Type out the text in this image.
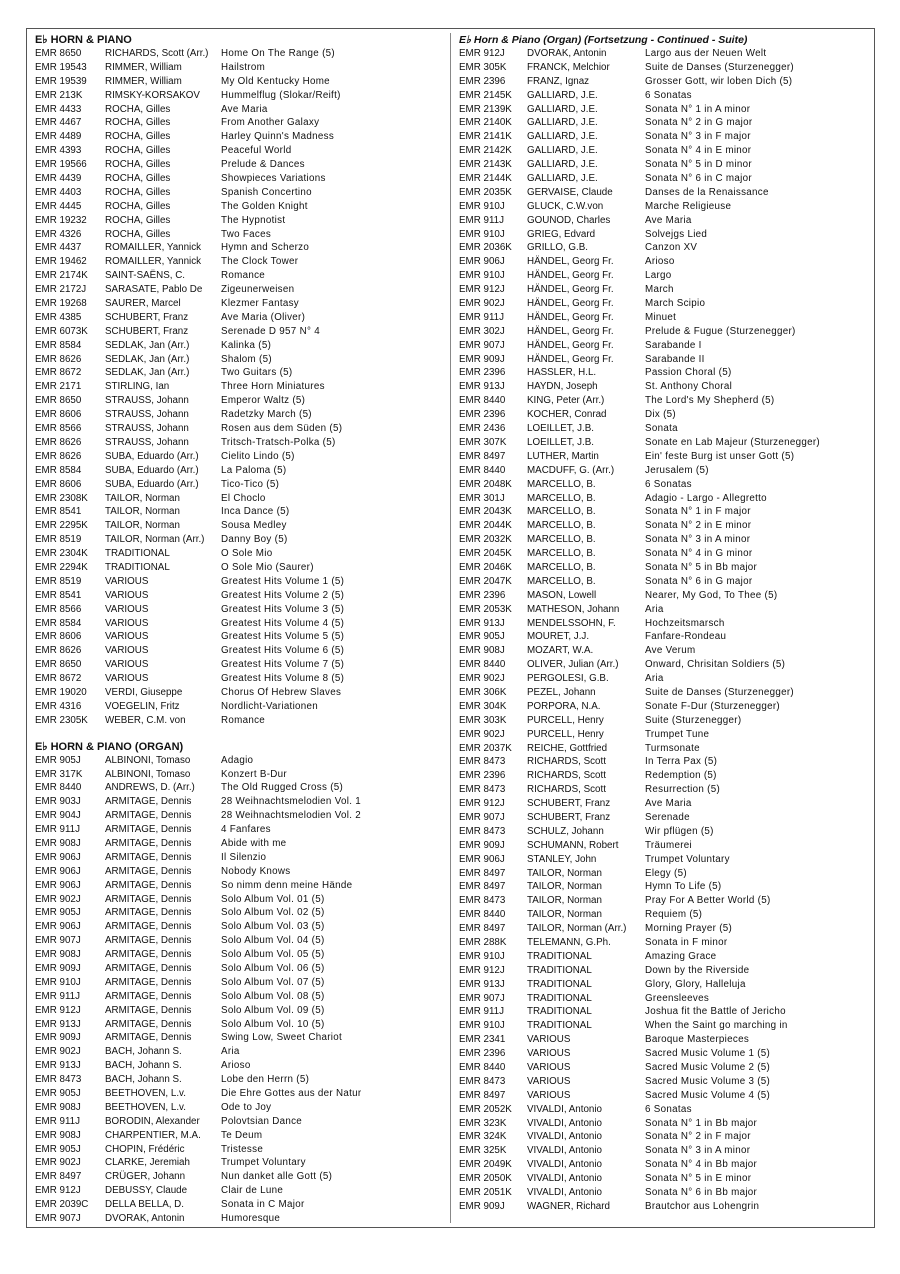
E♭ HORN & PIANO
EMR 8650	RICHARDS, Scott (Arr.)	Home On The Range (5)
EMR 19543	RIMMER, William	Hailstrom
EMR 19539	RIMMER, William	My Old Kentucky Home
EMR 213K	RIMSKY-KORSAKOV	Hummelflug (Slokar/Reift)
EMR 4433	ROCHA, Gilles	Ave Maria
EMR 4467	ROCHA, Gilles	From Another Galaxy
EMR 4489	ROCHA, Gilles	Harley Quinn's Madness
EMR 4393	ROCHA, Gilles	Peaceful World
EMR 19566	ROCHA, Gilles	Prelude & Dances
EMR 4439	ROCHA, Gilles	Showpieces Variations
EMR 4403	ROCHA, Gilles	Spanish Concertino
EMR 4445	ROCHA, Gilles	The Golden Knight
EMR 19232	ROCHA, Gilles	The Hypnotist
EMR 4326	ROCHA, Gilles	Two Faces
EMR 4437	ROMAILLER, Yannick	Hymn and Scherzo
EMR 19462	ROMAILLER, Yannick	The Clock Tower
EMR 2174K	SAINT-SAËNS, C.	Romance
EMR 2172J	SARASATE, Pablo De	Zigeunerweisen
EMR 19268	SAURER, Marcel	Klezmer Fantasy
EMR 4385	SCHUBERT, Franz	Ave Maria (Oliver)
EMR 6073K	SCHUBERT, Franz	Serenade D 957 N° 4
EMR 8584	SEDLAK, Jan (Arr.)	Kalinka (5)
EMR 8626	SEDLAK, Jan (Arr.)	Shalom (5)
EMR 8672	SEDLAK, Jan (Arr.)	Two Guitars (5)
EMR 2171	STIRLING, Ian	Three Horn Miniatures
EMR 8650	STRAUSS, Johann	Emperor Waltz (5)
EMR 8606	STRAUSS, Johann	Radetzky March (5)
EMR 8566	STRAUSS, Johann	Rosen aus dem Süden (5)
EMR 8626	STRAUSS, Johann	Tritsch-Tratsch-Polka (5)
EMR 8626	SUBA, Eduardo (Arr.)	Cielito Lindo (5)
EMR 8584	SUBA, Eduardo (Arr.)	La Paloma (5)
EMR 8606	SUBA, Eduardo (Arr.)	Tico-Tico (5)
EMR 2308K	TAILOR, Norman	El Choclo
EMR 8541	TAILOR, Norman	Inca Dance (5)
EMR 2295K	TAILOR, Norman	Sousa Medley
EMR 8519	TAILOR, Norman (Arr.)	Danny Boy (5)
EMR 2304K	TRADITIONAL	O Sole Mio
EMR 2294K	TRADITIONAL	O Sole Mio (Saurer)
EMR 8519	VARIOUS	Greatest Hits Volume 1 (5)
EMR 8541	VARIOUS	Greatest Hits Volume 2 (5)
EMR 8566	VARIOUS	Greatest Hits Volume 3 (5)
EMR 8584	VARIOUS	Greatest Hits Volume 4 (5)
EMR 8606	VARIOUS	Greatest Hits Volume 5 (5)
EMR 8626	VARIOUS	Greatest Hits Volume 6 (5)
EMR 8650	VARIOUS	Greatest Hits Volume 7 (5)
EMR 8672	VARIOUS	Greatest Hits Volume 8 (5)
EMR 19020	VERDI, Giuseppe	Chorus Of Hebrew Slaves
EMR 4316	VOEGELIN, Fritz	Nordlicht-Variationen
EMR 2305K	WEBER, C.M. von	Romance
E♭ HORN & PIANO (ORGAN)
EMR 905J	ALBINONI, Tomaso	Adagio
EMR 317K	ALBINONI, Tomaso	Konzert B-Dur
EMR 8440	ANDREWS, D. (Arr.)	The Old Rugged Cross (5)
EMR 903J	ARMITAGE, Dennis	28 Weihnachtsmelodien Vol. 1
EMR 904J	ARMITAGE, Dennis	28 Weihnachtsmelodien Vol. 2
EMR 911J	ARMITAGE, Dennis	4 Fanfares
EMR 908J	ARMITAGE, Dennis	Abide with me
EMR 906J	ARMITAGE, Dennis	Il Silenzio
EMR 906J	ARMITAGE, Dennis	Nobody Knows
EMR 906J	ARMITAGE, Dennis	So nimm denn meine Hände
EMR 902J	ARMITAGE, Dennis	Solo Album Vol. 01 (5)
EMR 905J	ARMITAGE, Dennis	Solo Album Vol. 02 (5)
EMR 906J	ARMITAGE, Dennis	Solo Album Vol. 03 (5)
EMR 907J	ARMITAGE, Dennis	Solo Album Vol. 04 (5)
EMR 908J	ARMITAGE, Dennis	Solo Album Vol. 05 (5)
EMR 909J	ARMITAGE, Dennis	Solo Album Vol. 06 (5)
EMR 910J	ARMITAGE, Dennis	Solo Album Vol. 07 (5)
EMR 911J	ARMITAGE, Dennis	Solo Album Vol. 08 (5)
EMR 912J	ARMITAGE, Dennis	Solo Album Vol. 09 (5)
EMR 913J	ARMITAGE, Dennis	Solo Album Vol. 10 (5)
EMR 909J	ARMITAGE, Dennis	Swing Low, Sweet Chariot
EMR 902J	BACH, Johann S.	Aria
EMR 913J	BACH, Johann S.	Arioso
EMR 8473	BACH, Johann S.	Lobe den Herrn (5)
EMR 905J	BEETHOVEN, L.v.	Die Ehre Gottes aus der Natur
EMR 908J	BEETHOVEN, L.v.	Ode to Joy
EMR 911J	BORODIN, Alexander	Polovtsian Dance
EMR 908J	CHARPENTIER, M.A.	Te Deum
EMR 905J	CHOPIN, Frédéric	Tristesse
EMR 902J	CLARKE, Jeremiah	Trumpet Voluntary
EMR 8497	CRÜGER, Johann	Nun danket alle Gott (5)
EMR 912J	DEBUSSY, Claude	Clair de Lune
EMR 2039C	DELLA BELLA, D.	Sonata in C Major
EMR 907J	DVORAK, Antonin	Humoresque
E♭ Horn & Piano (Organ) (Fortsetzung - Continued - Suite)
EMR 912J	DVORAK, Antonin	Largo aus der Neuen Welt
EMR 305K	FRANCK, Melchior	Suite de Danses (Sturzenegger)
EMR 2396	FRANZ, Ignaz	Grosser Gott, wir loben Dich (5)
EMR 2145K	GALLIARD, J.E.	6 Sonatas
EMR 2139K	GALLIARD, J.E.	Sonata N° 1 in A minor
EMR 2140K	GALLIARD, J.E.	Sonata N° 2 in G major
EMR 2141K	GALLIARD, J.E.	Sonata N° 3 in F major
EMR 2142K	GALLIARD, J.E.	Sonata N° 4 in E minor
EMR 2143K	GALLIARD, J.E.	Sonata N° 5 in D minor
EMR 2144K	GALLIARD, J.E.	Sonata N° 6 in C major
EMR 2035K	GERVAISE, Claude	Danses de la Renaissance
EMR 910J	GLUCK, C.W.von	Marche Religieuse
EMR 911J	GOUNOD, Charles	Ave Maria
EMR 910J	GRIEG, Edvard	Solvejgs Lied
EMR 2036K	GRILLO, G.B.	Canzon XV
EMR 906J	HÄNDEL, Georg Fr.	Arioso
EMR 910J	HÄNDEL, Georg Fr.	Largo
EMR 912J	HÄNDEL, Georg Fr.	March
EMR 902J	HÄNDEL, Georg Fr.	March Scipio
EMR 911J	HÄNDEL, Georg Fr.	Minuet
EMR 302J	HÄNDEL, Georg Fr.	Prelude & Fugue (Sturzenegger)
EMR 907J	HÄNDEL, Georg Fr.	Sarabande I
EMR 909J	HÄNDEL, Georg Fr.	Sarabande II
EMR 2396	HASSLER, H.L.	Passion Choral (5)
EMR 913J	HAYDN, Joseph	St. Anthony Choral
EMR 8440	KING, Peter (Arr.)	The Lord's My Shepherd (5)
EMR 2396	KOCHER, Conrad	Dix (5)
EMR 2436	LOEILLET, J.B.	Sonata
EMR 307K	LOEILLET, J.B.	Sonate en Lab Majeur (Sturzenegger)
EMR 8497	LUTHER, Martin	Ein' feste Burg ist unser Gott (5)
EMR 8440	MACDUFF, G. (Arr.)	Jerusalem (5)
EMR 2048K	MARCELLO, B.	6 Sonatas
EMR 301J	MARCELLO, B.	Adagio - Largo - Allegretto
EMR 2043K	MARCELLO, B.	Sonata N° 1 in F major
EMR 2044K	MARCELLO, B.	Sonata N° 2 in E minor
EMR 2032K	MARCELLO, B.	Sonata N° 3 in A minor
EMR 2045K	MARCELLO, B.	Sonata N° 4 in G minor
EMR 2046K	MARCELLO, B.	Sonata N° 5 in Bb major
EMR 2047K	MARCELLO, B.	Sonata N° 6 in G major
EMR 2396	MASON, Lowell	Nearer, My God, To Thee (5)
EMR 2053K	MATHESON, Johann	Aria
EMR 913J	MENDELSSOHN, F.	Hochzeitsmarsch
EMR 905J	MOURET, J.J.	Fanfare-Rondeau
EMR 908J	MOZART, W.A.	Ave Verum
EMR 8440	OLIVER, Julian (Arr.)	Onward, Chrisitan Soldiers (5)
EMR 902J	PERGOLESI, G.B.	Aria
EMR 306K	PEZEL, Johann	Suite de Danses (Sturzenegger)
EMR 304K	PORPORA, N.A.	Sonate F-Dur (Sturzenegger)
EMR 303K	PURCELL, Henry	Suite (Sturzenegger)
EMR 902J	PURCELL, Henry	Trumpet Tune
EMR 2037K	REICHE, Gottfried	Turmsonate
EMR 8473	RICHARDS, Scott	In Terra Pax (5)
EMR 2396	RICHARDS, Scott	Redemption (5)
EMR 8473	RICHARDS, Scott	Resurrection (5)
EMR 912J	SCHUBERT, Franz	Ave Maria
EMR 907J	SCHUBERT, Franz	Serenade
EMR 8473	SCHULZ, Johann	Wir pflügen (5)
EMR 909J	SCHUMANN, Robert	Träumerei
EMR 906J	STANLEY, John	Trumpet Voluntary
EMR 8497	TAILOR, Norman	Elegy (5)
EMR 8497	TAILOR, Norman	Hymn To Life (5)
EMR 8473	TAILOR, Norman	Pray For A Better World (5)
EMR 8440	TAILOR, Norman	Requiem (5)
EMR 8497	TAILOR, Norman (Arr.)	Morning Prayer (5)
EMR 288K	TELEMANN, G.Ph.	Sonata in F minor
EMR 910J	TRADITIONAL	Amazing Grace
EMR 912J	TRADITIONAL	Down by the Riverside
EMR 913J	TRADITIONAL	Glory, Glory, Halleluja
EMR 907J	TRADITIONAL	Greensleeves
EMR 911J	TRADITIONAL	Joshua fit the Battle of Jericho
EMR 910J	TRADITIONAL	When the Saint go marching in
EMR 2341	VARIOUS	Baroque Masterpieces
EMR 2396	VARIOUS	Sacred Music Volume 1 (5)
EMR 8440	VARIOUS	Sacred Music Volume 2 (5)
EMR 8473	VARIOUS	Sacred Music Volume 3 (5)
EMR 8497	VARIOUS	Sacred Music Volume 4 (5)
EMR 2052K	VIVALDI, Antonio	6 Sonatas
EMR 323K	VIVALDI, Antonio	Sonata N° 1 in Bb major
EMR 324K	VIVALDI, Antonio	Sonata N° 2 in F major
EMR 325K	VIVALDI, Antonio	Sonata N° 3 in A minor
EMR 2049K	VIVALDI, Antonio	Sonata N° 4 in Bb major
EMR 2050K	VIVALDI, Antonio	Sonata N° 5 in E minor
EMR 2051K	VIVALDI, Antonio	Sonata N° 6 in Bb major
EMR 909J	WAGNER, Richard	Brautchor aus Lohengrin
